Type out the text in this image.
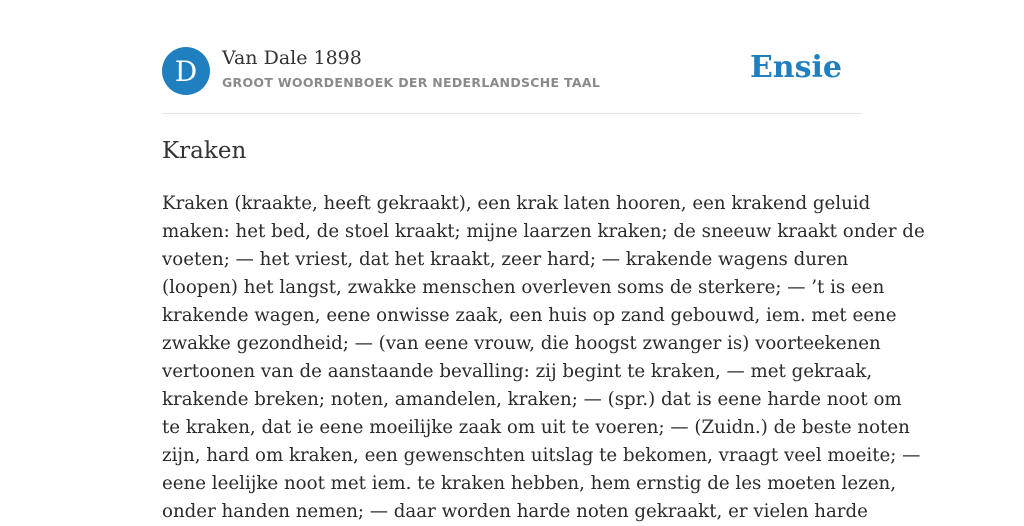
D	Van Dale 1898
GROOT WOORDENBOEK DER NEDERLANDSCHE TAAL	Ensie
Kraken
Kraken (kraakte, heeft gekraakt), een krak laten hooren, een krakend geluid
maken: het bed, de stoel kraakt; mijne laarzen kraken; de sneeuw kraakt onder de
voeten; — het vriest, dat het kraakt, zeer hard; — krakende wagens duren
(loopen) het langst, zwakke menschen overleven soms de sterkere; — ’t is een
krakende wagen, eene onwisse zaak, een huis op zand gebouwd, iem. met eene
zwakke gezondheid; — (van eene vrouw, die hoogst zwanger is) voorteekenen
vertoonen van de aanstaande bevalling: zij begint te kraken, — met gekraak,
krakende breken; noten, amandelen, kraken; — (spr.) dat is eene harde noot om
te kraken, dat ie eene moeilijke zaak om uit te voeren; — (Zuidn.) de beste noten
zijn, hard om kraken, een gewenschten uitslag te bekomen, vraagt veel moeite; —
eene leelijke noot met iem. te kraken hebben, hem ernstig de les moeten lezen,
onder handen nemen; — daar worden harde noten gekraakt, er vielen harde
